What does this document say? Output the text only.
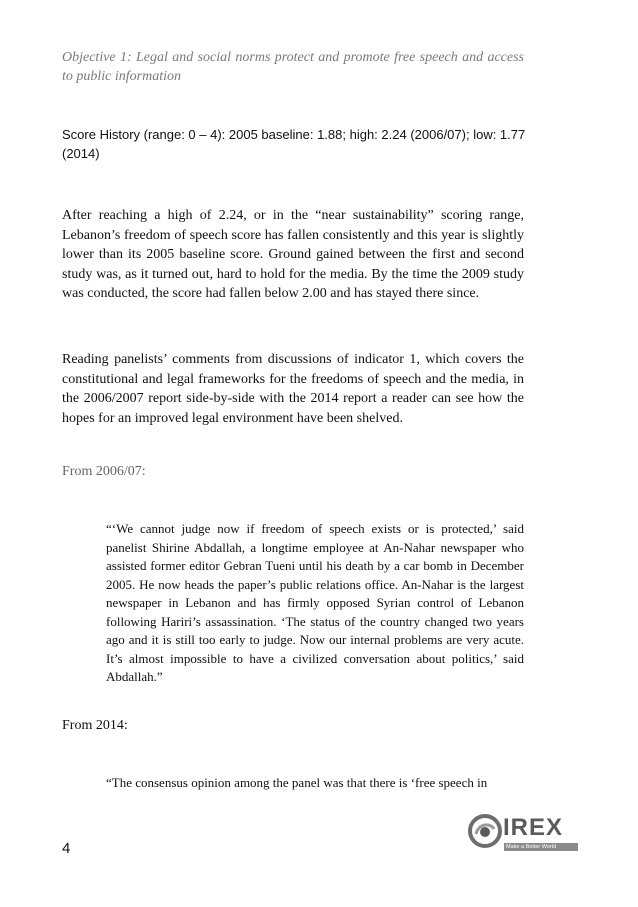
Objective 1: Legal and social norms protect and promote free speech and access to public information
Score History (range: 0 – 4): 2005 baseline: 1.88; high: 2.24 (2006/07); low: 1.77 (2014)
After reaching a high of 2.24, or in the “near sustainability” scoring range, Lebanon’s freedom of speech score has fallen consistently and this year is slightly lower than its 2005 baseline score. Ground gained between the first and second study was, as it turned out, hard to hold for the media. By the time the 2009 study was conducted, the score had fallen below 2.00 and has stayed there since.
Reading panelists’ comments from discussions of indicator 1, which covers the constitutional and legal frameworks for the freedoms of speech and the media, in the 2006/2007 report side-by-side with the 2014 report a reader can see how the hopes for an improved legal environment have been shelved.
From 2006/07:
“‘We cannot judge now if freedom of speech exists or is protected,’ said panelist Shirine Abdallah, a longtime employee at An-Nahar newspaper who assisted former editor Gebran Tueni until his death by a car bomb in December 2005. He now heads the paper’s public relations office. An-Nahar is the largest newspaper in Lebanon and has firmly opposed Syrian control of Lebanon following Hariri’s assassination. ‘The status of the country changed two years ago and it is still too early to judge. Now our internal problems are very acute. It’s almost impossible to have a civilized conversation about politics,’ said Abdallah.”
From 2014:
“The consensus opinion among the panel was that there is ‘free speech in
4
IREX
Make a Better World
